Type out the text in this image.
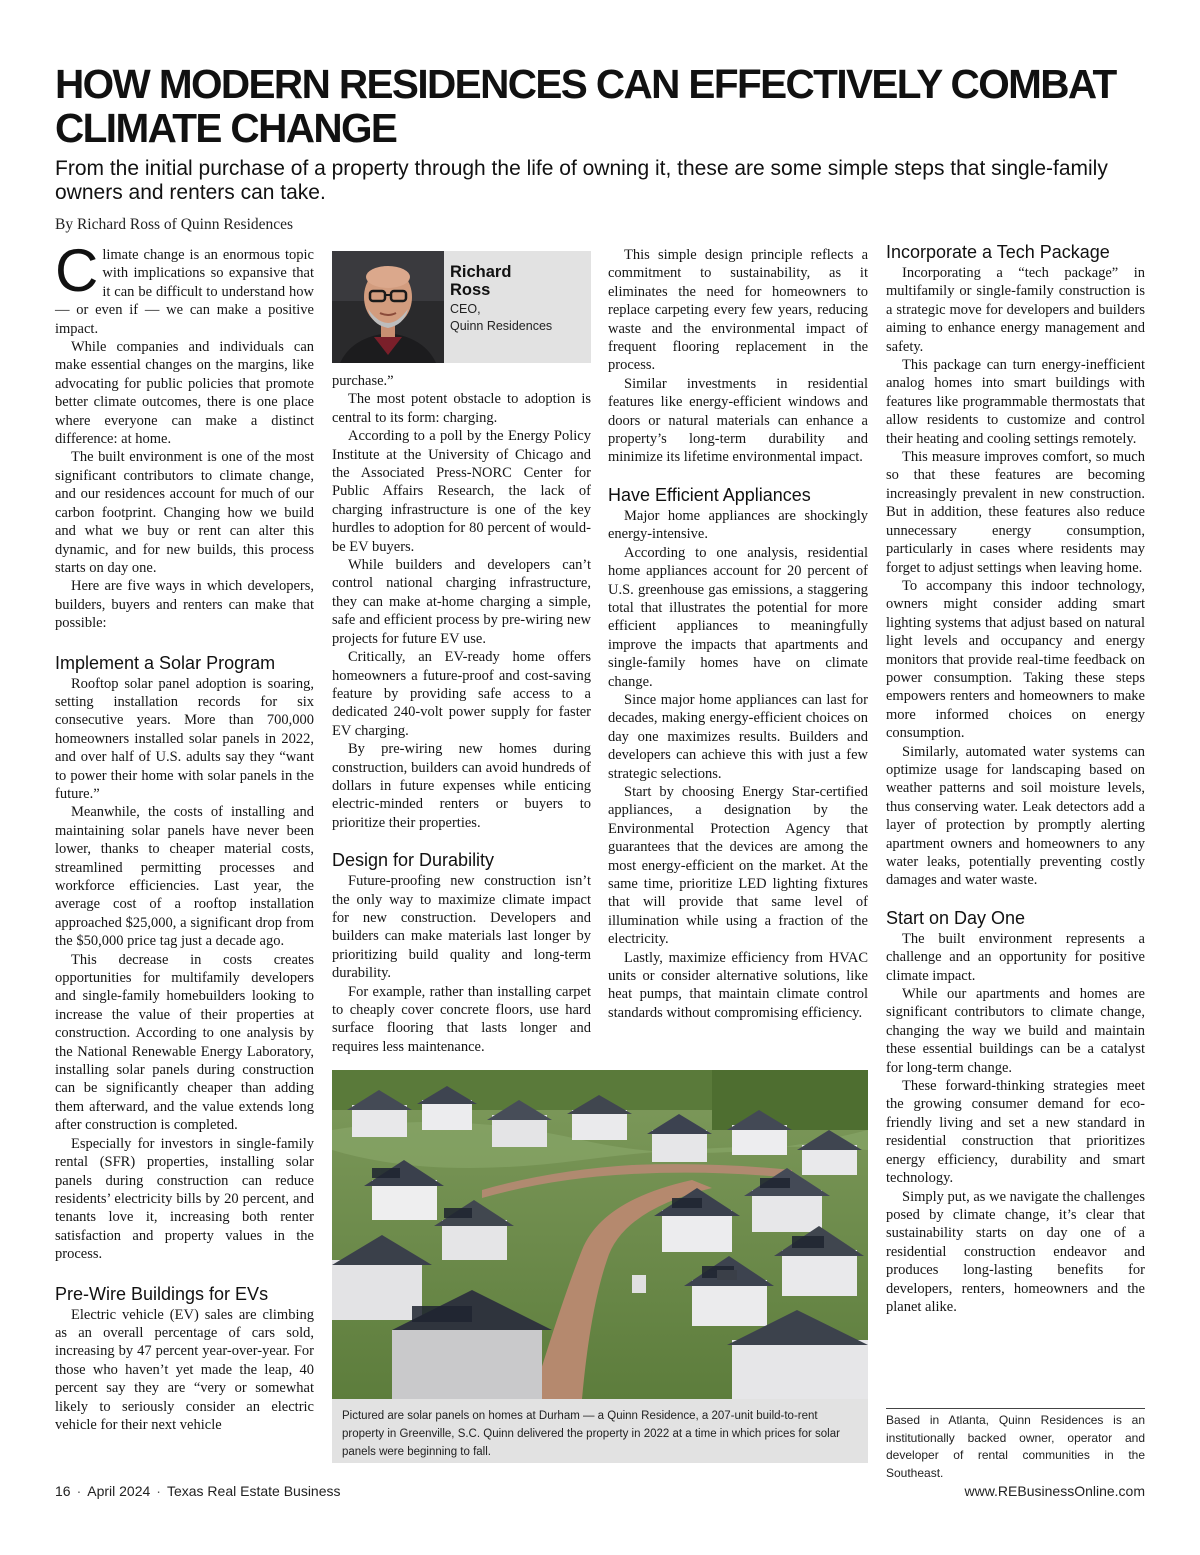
HOW MODERN RESIDENCES CAN EFFECTIVELY COMBAT CLIMATE CHANGE

From the initial purchase of a property through the life of owning it, these are some simple steps that single-family owners and renters can take.

By Richard Ross of Quinn Residences

Climate change is an enormous topic with implications so expansive that it can be difficult to understand how — or even if — we can make a positive impact.

While companies and individuals can make essential changes on the margins, like advocating for public policies that promote better climate outcomes, there is one place where everyone can make a distinct difference: at home.

The built environment is one of the most significant contributors to climate change, and our residences account for much of our carbon footprint. Changing how we build and what we buy or rent can alter this dynamic, and for new builds, this process starts on day one.

Here are five ways in which developers, builders, buyers and renters can make that possible:

Implement a Solar Program

Rooftop solar panel adoption is soaring, setting installation records for six consecutive years. More than 700,000 homeowners installed solar panels in 2022, and over half of U.S. adults say they “want to power their home with solar panels in the future.”

Meanwhile, the costs of installing and maintaining solar panels have never been lower, thanks to cheaper material costs, streamlined permitting processes and workforce efficiencies. Last year, the average cost of a rooftop installation approached $25,000, a significant drop from the $50,000 price tag just a decade ago.

This decrease in costs creates opportunities for multifamily developers and single-family homebuilders looking to increase the value of their properties at construction. According to one analysis by the National Renewable Energy Laboratory, installing solar panels during construction can be significantly cheaper than adding them afterward, and the value extends long after construction is completed.

Especially for investors in single-family rental (SFR) properties, installing solar panels during construction can reduce residents’ electricity bills by 20 percent, and tenants love it, increasing both renter satisfaction and property values in the process.

Pre-Wire Buildings for EVs

Electric vehicle (EV) sales are climbing as an overall percentage of cars sold, increasing by 47 percent year-over-year. For those who haven’t yet made the leap, 40 percent say they are “very or somewhat likely to seriously consider an electric vehicle for their next vehicle

Richard Ross
CEO,
Quinn Residences

purchase.”

The most potent obstacle to adoption is central to its form: charging.

According to a poll by the Energy Policy Institute at the University of Chicago and the Associated Press-NORC Center for Public Affairs Research, the lack of charging infrastructure is one of the key hurdles to adoption for 80 percent of would-be EV buyers.

While builders and developers can’t control national charging infrastructure, they can make at-home charging a simple, safe and efficient process by pre-wiring new projects for future EV use.

Critically, an EV-ready home offers homeowners a future-proof and cost-saving feature by providing safe access to a dedicated 240-volt power supply for faster EV charging.

By pre-wiring new homes during construction, builders can avoid hundreds of dollars in future expenses while enticing electric-minded renters or buyers to prioritize their properties.

Design for Durability

Future-proofing new construction isn’t the only way to maximize climate impact for new construction. Developers and builders can make materials last longer by prioritizing build quality and long-term durability.

For example, rather than installing carpet to cheaply cover concrete floors, use hard surface flooring that lasts longer and requires less maintenance.

This simple design principle reflects a commitment to sustainability, as it eliminates the need for homeowners to replace carpeting every few years, reducing waste and the environmental impact of frequent flooring replacement in the process.

Similar investments in residential features like energy-efficient windows and doors or natural materials can enhance a property’s long-term durability and minimize its lifetime environmental impact.

Have Efficient Appliances

Major home appliances are shockingly energy-intensive.

According to one analysis, residential home appliances account for 20 percent of U.S. greenhouse gas emissions, a staggering total that illustrates the potential for more efficient appliances to meaningfully improve the impacts that apartments and single-family homes have on climate change.

Since major home appliances can last for decades, making energy-efficient choices on day one maximizes results. Builders and developers can achieve this with just a few strategic selections.

Start by choosing Energy Star-certified appliances, a designation by the Environmental Protection Agency that guarantees that the devices are among the most energy-efficient on the market. At the same time, prioritize LED lighting fixtures that will provide that same level of illumination while using a fraction of the electricity.

Lastly, maximize efficiency from HVAC units or consider alternative solutions, like heat pumps, that maintain climate control standards without compromising efficiency.

Incorporate a Tech Package

Incorporating a “tech package” in multifamily or single-family construction is a strategic move for developers and builders aiming to enhance energy management and safety.

This package can turn energy-inefficient analog homes into smart buildings with features like programmable thermostats that allow residents to customize and control their heating and cooling settings remotely.

This measure improves comfort, so much so that these features are becoming increasingly prevalent in new construction. But in addition, these features also reduce unnecessary energy consumption, particularly in cases where residents may forget to adjust settings when leaving home.

To accompany this indoor technology, owners might consider adding smart lighting systems that adjust based on natural light levels and occupancy and energy monitors that provide real-time feedback on power consumption. Taking these steps empowers renters and homeowners to make more informed choices on energy consumption.

Similarly, automated water systems can optimize usage for landscaping based on weather patterns and soil moisture levels, thus conserving water. Leak detectors add a layer of protection by promptly alerting apartment owners and homeowners to any water leaks, potentially preventing costly damages and water waste.

Start on Day One

The built environment represents a challenge and an opportunity for positive climate impact.

While our apartments and homes are significant contributors to climate change, changing the way we build and maintain these essential buildings can be a catalyst for long-term change.

These forward-thinking strategies meet the growing consumer demand for eco-friendly living and set a new standard in residential construction that prioritizes energy efficiency, durability and smart technology.

Simply put, as we navigate the challenges posed by climate change, it’s clear that sustainability starts on day one of a residential construction endeavor and produces long-lasting benefits for developers, renters, homeowners and the planet alike.

Pictured are solar panels on homes at Durham — a Quinn Residence, a 207-unit build-to-rent property in Greenville, S.C. Quinn delivered the property in 2022 at a time in which prices for solar panels were beginning to fall.

Based in Atlanta, Quinn Residences is an institutionally backed owner, operator and developer of rental communities in the Southeast.

16 · April 2024 · Texas Real Estate Business	www.REBusinessOnline.com
